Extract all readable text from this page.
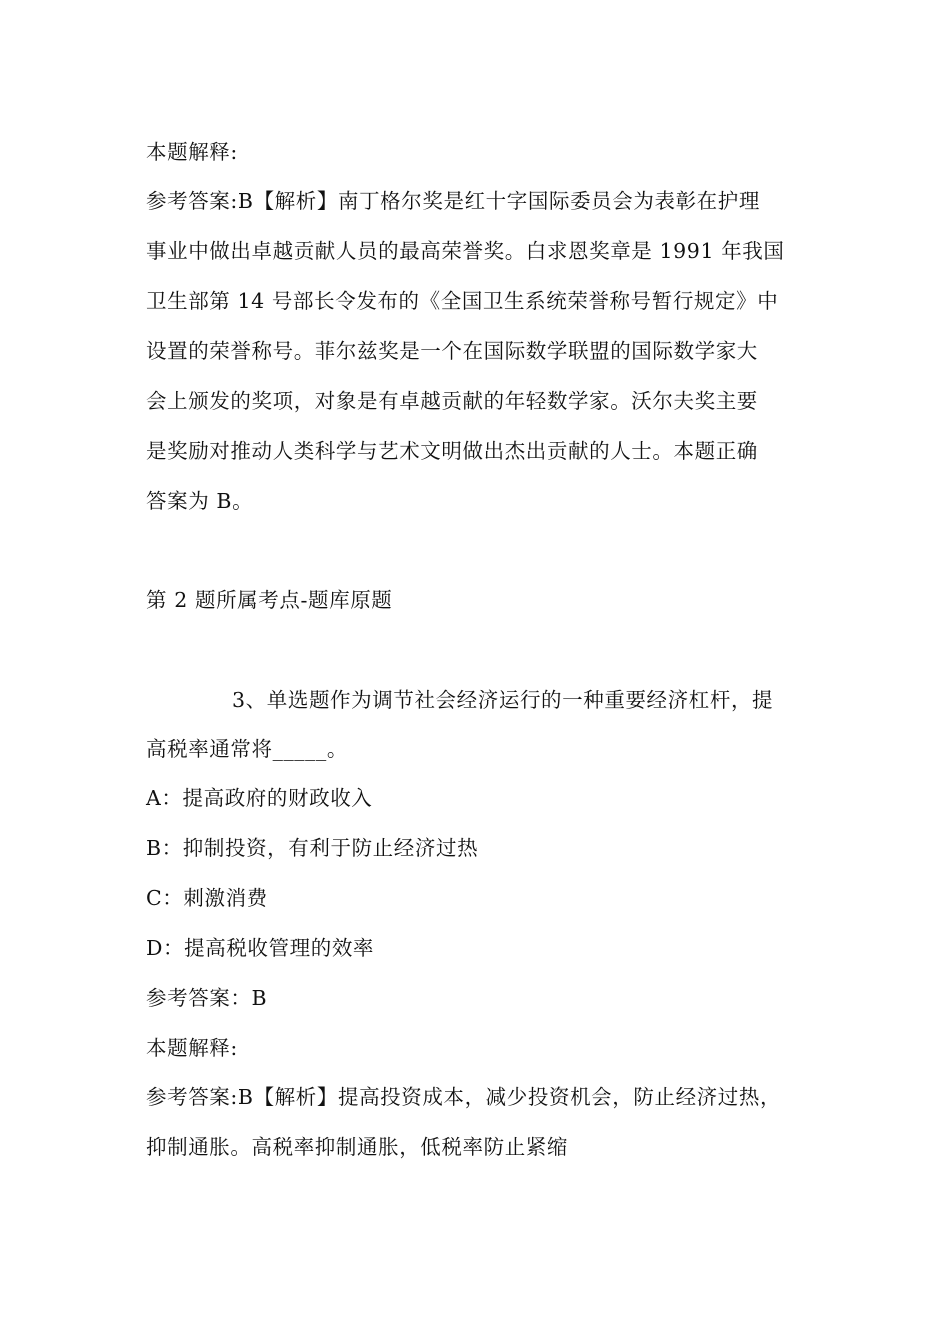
本题解释:
参考答案:B【解析】南丁格尔奖是红十字国际委员会为表彰在护理
事业中做出卓越贡献人员的最高荣誉奖。白求恩奖章是 1991 年我国
卫生部第 14 号部长令发布的《全国卫生系统荣誉称号暂行规定》中
设置的荣誉称号。菲尔兹奖是一个在国际数学联盟的国际数学家大
会上颁发的奖项，对象是有卓越贡献的年轻数学家。沃尔夫奖主要
是奖励对推动人类科学与艺术文明做出杰出贡献的人士。本题正确
答案为 B。
第 2 题所属考点-题库原题
3、单选题作为调节社会经济运行的一种重要经济杠杆，提
高税率通常将_____。
A：提高政府的财政收入
B：抑制投资，有利于防止经济过热
C：刺激消费
D：提高税收管理的效率
参考答案：B
本题解释:
参考答案:B【解析】提高投资成本，减少投资机会，防止经济过热，
抑制通胀。高税率抑制通胀，低税率防止紧缩
